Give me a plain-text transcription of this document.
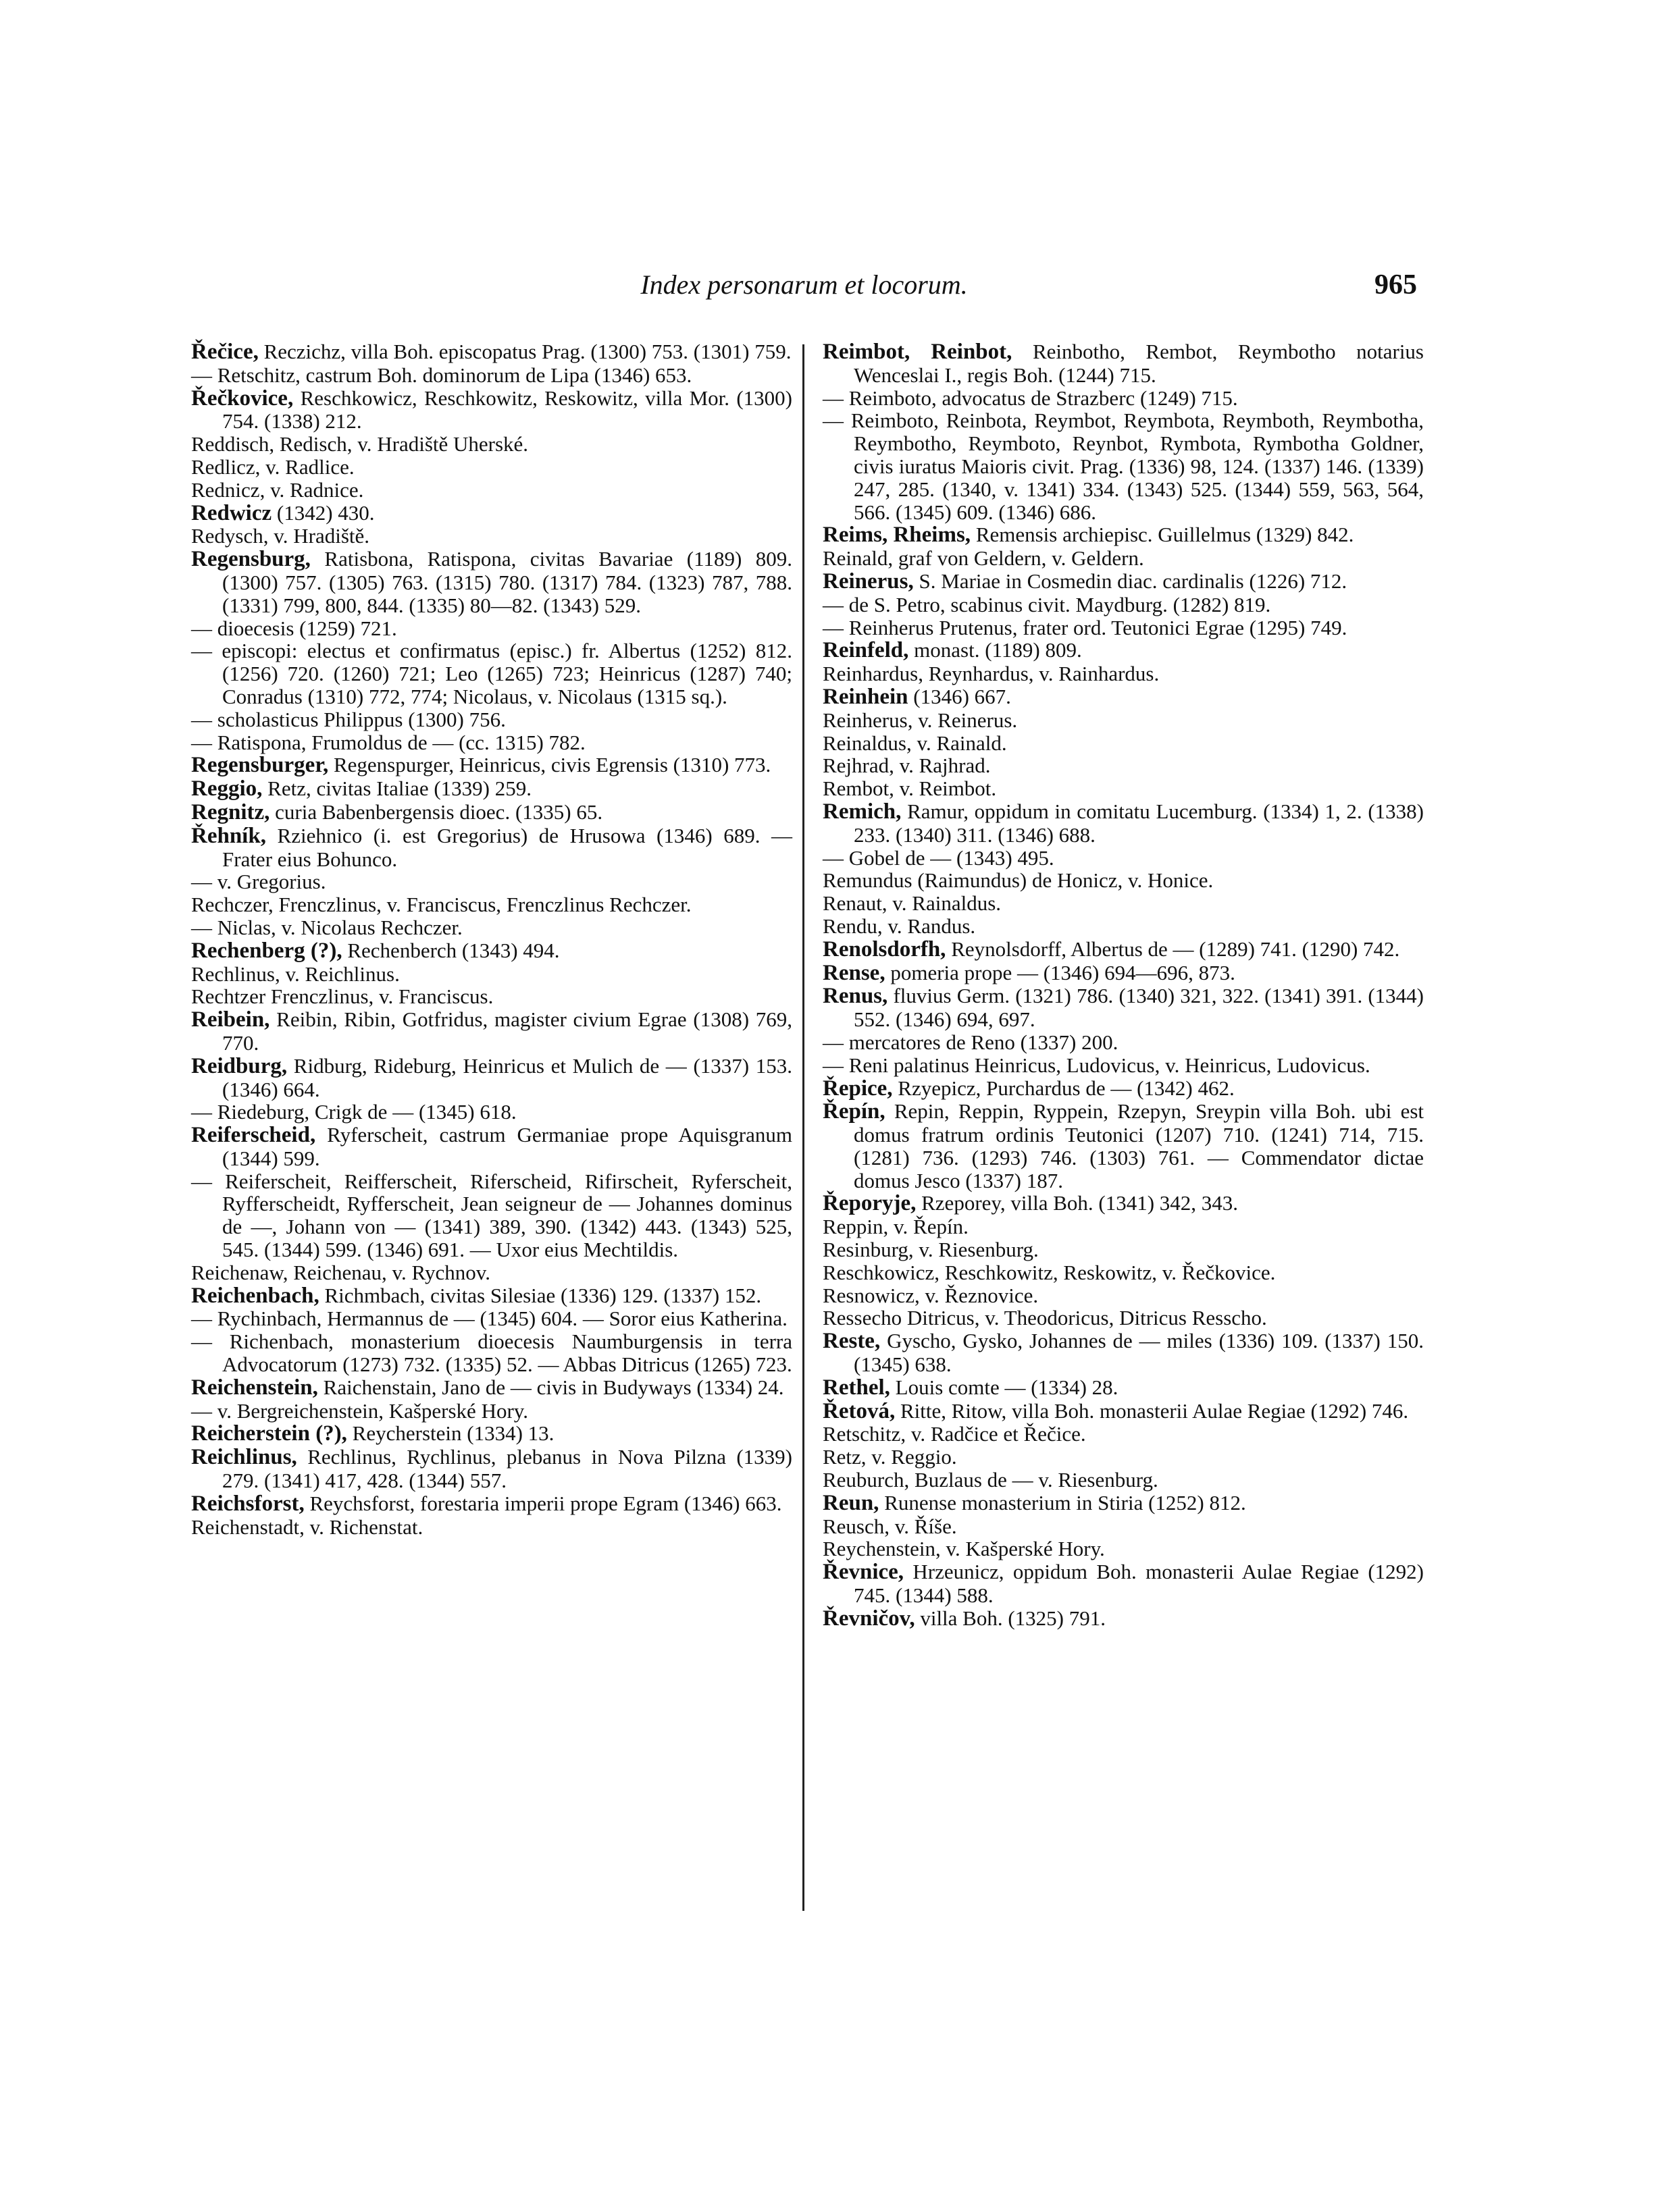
Index personarum et locorum.	965
Řečice, Reczichz, villa Boh. episcopatus Prag. (1300) 753. (1301) 759.
— Retschitz, castrum Boh. dominorum de Lipa (1346) 653.
Řečkovice, Reschkowicz, Reschkowitz, Reskowitz, villa Mor. (1300) 754. (1338) 212.
Reddisch, Redisch, v. Hradiště Uherské.
Redlicz, v. Radlice.
Rednicz, v. Radnice.
Redwicz (1342) 430.
Redysch, v. Hradiště.
Regensburg, Ratisbona, Ratispona, civitas Bavariae (1189) 809. (1300) 757. (1305) 763. (1315) 780. (1317) 784. (1323) 787, 788. (1331) 799, 800, 844. (1335) 80—82. (1343) 529.
— dioecesis (1259) 721.
— episcopi: electus et confirmatus (episc.) fr. Albertus (1252) 812. (1256) 720. (1260) 721; Leo (1265) 723; Heinricus (1287) 740; Conradus (1310) 772, 774; Nicolaus, v. Nicolaus (1315 sq.).
— scholasticus Philippus (1300) 756.
— Ratispona, Frumoldus de — (cc. 1315) 782.
Regensburger, Regenspurger, Heinricus, civis Egrensis (1310) 773.
Reggio, Retz, civitas Italiae (1339) 259.
Regnitz, curia Babenbergensis dioec. (1335) 65.
Řehník, Rziehnico (i. est Gregorius) de Hrusowa (1346) 689. — Frater eius Bohunco.
— v. Gregorius.
Rechczer, Frenczlinus, v. Franciscus, Frenczlinus Rechczer.
— Niclas, v. Nicolaus Rechczer.
Rechenberg (?), Rechenberch (1343) 494.
Rechlinus, v. Reichlinus.
Rechtzer Frenczlinus, v. Franciscus.
Reibein, Reibin, Ribin, Gotfridus, magister civium Egrae (1308) 769, 770.
Reidburg, Ridburg, Rideburg, Heinricus et Mulich de — (1337) 153. (1346) 664.
— Riedeburg, Crigk de — (1345) 618.
Reiferscheid, Ryferscheit, castrum Germaniae prope Aquisgranum (1344) 599.
— Reiferscheit, Reifferscheit, Riferscheid, Rifirscheit, Ryferscheit, Ryfferscheidt, Ryfferscheit, Jean seigneur de — Johannes dominus de —, Johann von — (1341) 389, 390. (1342) 443. (1343) 525, 545. (1344) 599. (1346) 691. — Uxor eius Mechtildis.
Reichenaw, Reichenau, v. Rychnov.
Reichenbach, Richmbach, civitas Silesiae (1336) 129. (1337) 152.
— Rychinbach, Hermannus de — (1345) 604. — Soror eius Katherina.
— Richenbach, monasterium dioecesis Naumburgensis in terra Advocatorum (1273) 732. (1335) 52. — Abbas Ditricus (1265) 723.
Reichenstein, Raichenstain, Jano de — civis in Budyways (1334) 24.
— v. Bergreichenstein, Kašperské Hory.
Reicherstein (?), Reycherstein (1334) 13.
Reichlinus, Rechlinus, Rychlinus, plebanus in Nova Pilzna (1339) 279. (1341) 417, 428. (1344) 557.
Reichsforst, Reychsforst, forestaria imperii prope Egram (1346) 663.
Reichenstadt, v. Richenstat.
Reimbot, Reinbot, Reinbotho, Rembot, Reymbotho notarius Wenceslai I., regis Boh. (1244) 715.
— Reimboto, advocatus de Strazberc (1249) 715.
— Reimboto, Reinbota, Reymbot, Reymbota, Reymboth, Reymbotha, Reymbotho, Reymboto, Reynbot, Rymbota, Rymbotha Goldner, civis iuratus Maioris civit. Prag. (1336) 98, 124. (1337) 146. (1339) 247, 285. (1340, v. 1341) 334. (1343) 525. (1344) 559, 563, 564, 566. (1345) 609. (1346) 686.
Reims, Rheims, Remensis archiepisc. Guillelmus (1329) 842.
Reinald, graf von Geldern, v. Geldern.
Reinerus, S. Mariae in Cosmedin diac. cardinalis (1226) 712.
— de S. Petro, scabinus civit. Maydburg. (1282) 819.
— Reinherus Prutenus, frater ord. Teutonici Egrae (1295) 749.
Reinfeld, monast. (1189) 809.
Reinhardus, Reynhardus, v. Rainhardus.
Reinhein (1346) 667.
Reinherus, v. Reinerus.
Reinaldus, v. Rainald.
Rejhrad, v. Rajhrad.
Rembot, v. Reimbot.
Remich, Ramur, oppidum in comitatu Lucemburg. (1334) 1, 2. (1338) 233. (1340) 311. (1346) 688.
— Gobel de — (1343) 495.
Remundus (Raimundus) de Honicz, v. Honice.
Renaut, v. Rainaldus.
Rendu, v. Randus.
Renolsdorfh, Reynolsdorff, Albertus de — (1289) 741. (1290) 742.
Rense, pomeria prope — (1346) 694—696, 873.
Renus, fluvius Germ. (1321) 786. (1340) 321, 322. (1341) 391. (1344) 552. (1346) 694, 697.
— mercatores de Reno (1337) 200.
— Reni palatinus Heinricus, Ludovicus, v. Heinricus, Ludovicus.
Řepice, Rzyepicz, Purchardus de — (1342) 462.
Řepín, Repin, Reppin, Ryppein, Rzepyn, Sreypin villa Boh. ubi est domus fratrum ordinis Teutonici (1207) 710. (1241) 714, 715. (1281) 736. (1293) 746. (1303) 761. — Commendator dictae domus Jesco (1337) 187.
Řeporyje, Rzeporey, villa Boh. (1341) 342, 343.
Reppin, v. Řepín.
Resinburg, v. Riesenburg.
Reschkowicz, Reschkowitz, Reskowitz, v. Řečkovice.
Resnowicz, v. Řeznovice.
Ressecho Ditricus, v. Theodoricus, Ditricus Resscho.
Reste, Gyscho, Gysko, Johannes de — miles (1336) 109. (1337) 150. (1345) 638.
Rethel, Louis comte — (1334) 28.
Řetová, Ritte, Ritow, villa Boh. monasterii Aulae Regiae (1292) 746.
Retschitz, v. Radčice et Řečice.
Retz, v. Reggio.
Reuburch, Buzlaus de — v. Riesenburg.
Reun, Runense monasterium in Stiria (1252) 812.
Reusch, v. Říše.
Reychenstein, v. Kašperské Hory.
Řevnice, Hrzeunicz, oppidum Boh. monasterii Aulae Regiae (1292) 745. (1344) 588.
Řevničov, villa Boh. (1325) 791.
